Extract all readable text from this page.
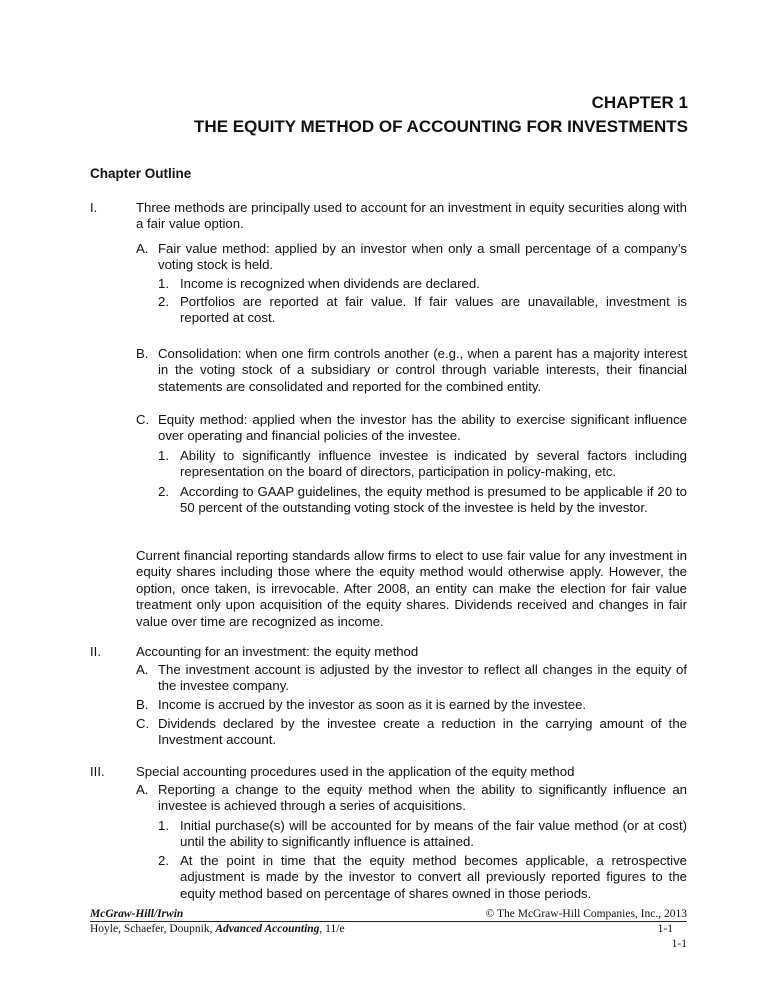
CHAPTER 1
THE EQUITY METHOD OF ACCOUNTING FOR INVESTMENTS
Chapter Outline
I.	Three methods are principally used to account for an investment in equity securities along with a fair value option.
A. Fair value method: applied by an investor when only a small percentage of a company’s voting stock is held.
1. Income is recognized when dividends are declared.
2. Portfolios are reported at fair value. If fair values are unavailable, investment is reported at cost.
B. Consolidation: when one firm controls another (e.g., when a parent has a majority interest in the voting stock of a subsidiary or control through variable interests, their financial statements are consolidated and reported for the combined entity.
C. Equity method: applied when the investor has the ability to exercise significant influence over operating and financial policies of the investee.
1. Ability to significantly influence investee is indicated by several factors including representation on the board of directors, participation in policy-making, etc.
2. According to GAAP guidelines, the equity method is presumed to be applicable if 20 to 50 percent of the outstanding voting stock of the investee is held by the investor.
Current financial reporting standards allow firms to elect to use fair value for any investment in equity shares including those where the equity method would otherwise apply. However, the option, once taken, is irrevocable. After 2008, an entity can make the election for fair value treatment only upon acquisition of the equity shares. Dividends received and changes in fair value over time are recognized as income.
II.	Accounting for an investment: the equity method
A. The investment account is adjusted by the investor to reflect all changes in the equity of the investee company.
B. Income is accrued by the investor as soon as it is earned by the investee.
C. Dividends declared by the investee create a reduction in the carrying amount of the Investment account.
III. Special accounting procedures used in the application of the equity method
A. Reporting a change to the equity method when the ability to significantly influence an investee is achieved through a series of acquisitions.
1. Initial purchase(s) will be accounted for by means of the fair value method (or at cost) until the ability to significantly influence is attained.
2. At the point in time that the equity method becomes applicable, a retrospective adjustment is made by the investor to convert all previously reported figures to the equity method based on percentage of shares owned in those periods.
McGraw-Hill/Irwin	© The McGraw-Hill Companies, Inc., 2013
Hoyle, Schaefer, Doupnik, Advanced Accounting, 11/e	1-1
1-1
